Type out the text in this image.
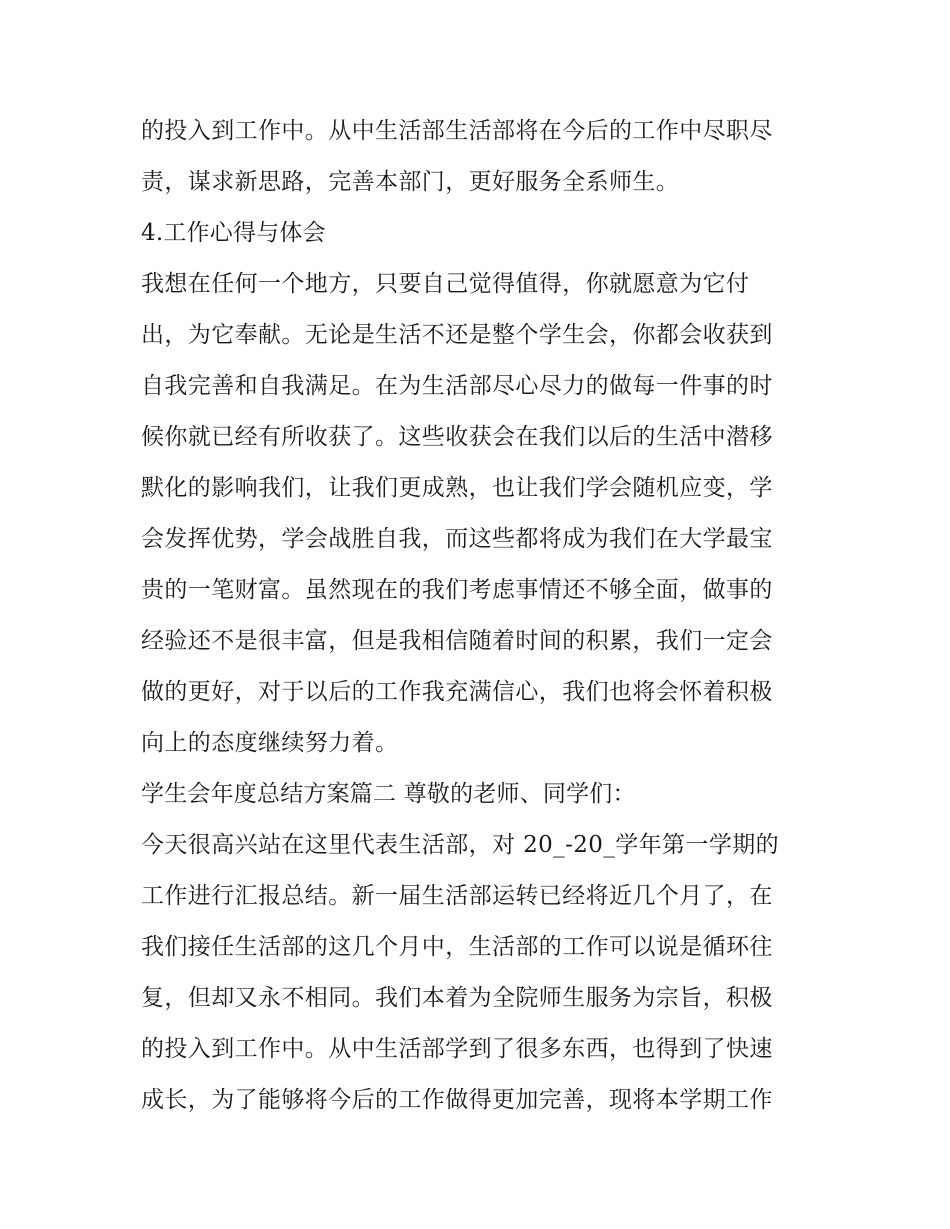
的投入到工作中。从中生活部生活部将在今后的工作中尽职尽
责，谋求新思路，完善本部门，更好服务全系师生。
4.工作心得与体会
我想在任何一个地方，只要自己觉得值得，你就愿意为它付
出，为它奉献。无论是生活不还是整个学生会，你都会收获到
自我完善和自我满足。在为生活部尽心尽力的做每一件事的时
候你就已经有所收获了。这些收获会在我们以后的生活中潜移
默化的影响我们，让我们更成熟，也让我们学会随机应变，学
会发挥优势，学会战胜自我，而这些都将成为我们在大学最宝
贵的一笔财富。虽然现在的我们考虑事情还不够全面，做事的
经验还不是很丰富，但是我相信随着时间的积累，我们一定会
做的更好，对于以后的工作我充满信心，我们也将会怀着积极
向上的态度继续努力着。
学生会年度总结方案篇二 尊敬的老师、同学们：
今天很高兴站在这里代表生活部，对 20_-20_学年第一学期的
工作进行汇报总结。新一届生活部运转已经将近几个月了，在
我们接任生活部的这几个月中，生活部的工作可以说是循环往
复，但却又永不相同。我们本着为全院师生服务为宗旨，积极
的投入到工作中。从中生活部学到了很多东西，也得到了快速
成长，为了能够将今后的工作做得更加完善，现将本学期工作
